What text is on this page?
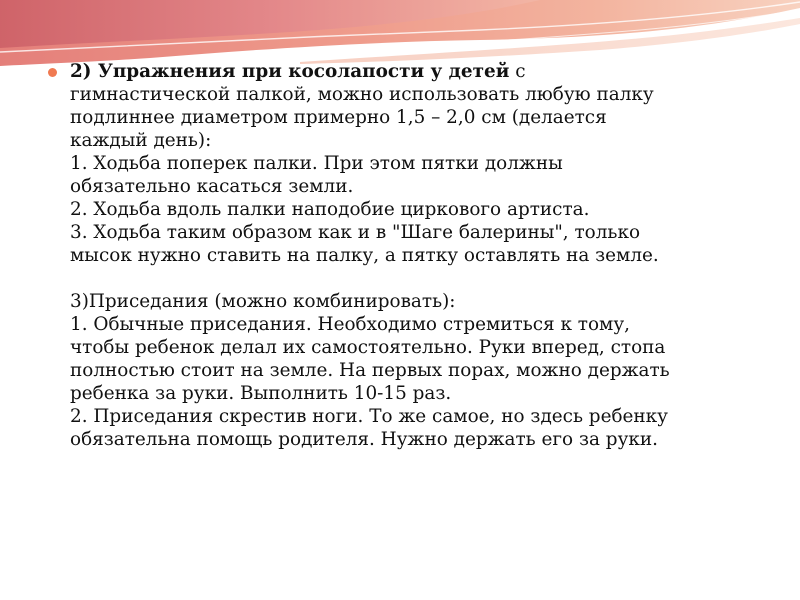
2) Упражнения при косолапости у детей с
гимнастической палкой, можно использовать любую палку
подлиннее диаметром примерно 1,5 – 2,0 см (делается
каждый день):
1. Ходьба поперек палки. При этом пятки должны
обязательно касаться земли.
2. Ходьба вдоль палки наподобие циркового артиста.
3. Ходьба таким образом как и в "Шаге балерины", только
мысок нужно ставить на палку, а пятку оставлять на земле.
3)Приседания (можно комбинировать):
1. Обычные приседания. Необходимо стремиться к тому,
чтобы ребенок делал их самостоятельно. Руки вперед, стопа
полностью стоит на земле. На первых порах, можно держать
ребенка за руки. Выполнить 10-15 раз.
2. Приседания скрестив ноги. То же самое, но здесь ребенку
обязательна помощь родителя. Нужно держать его за руки.
